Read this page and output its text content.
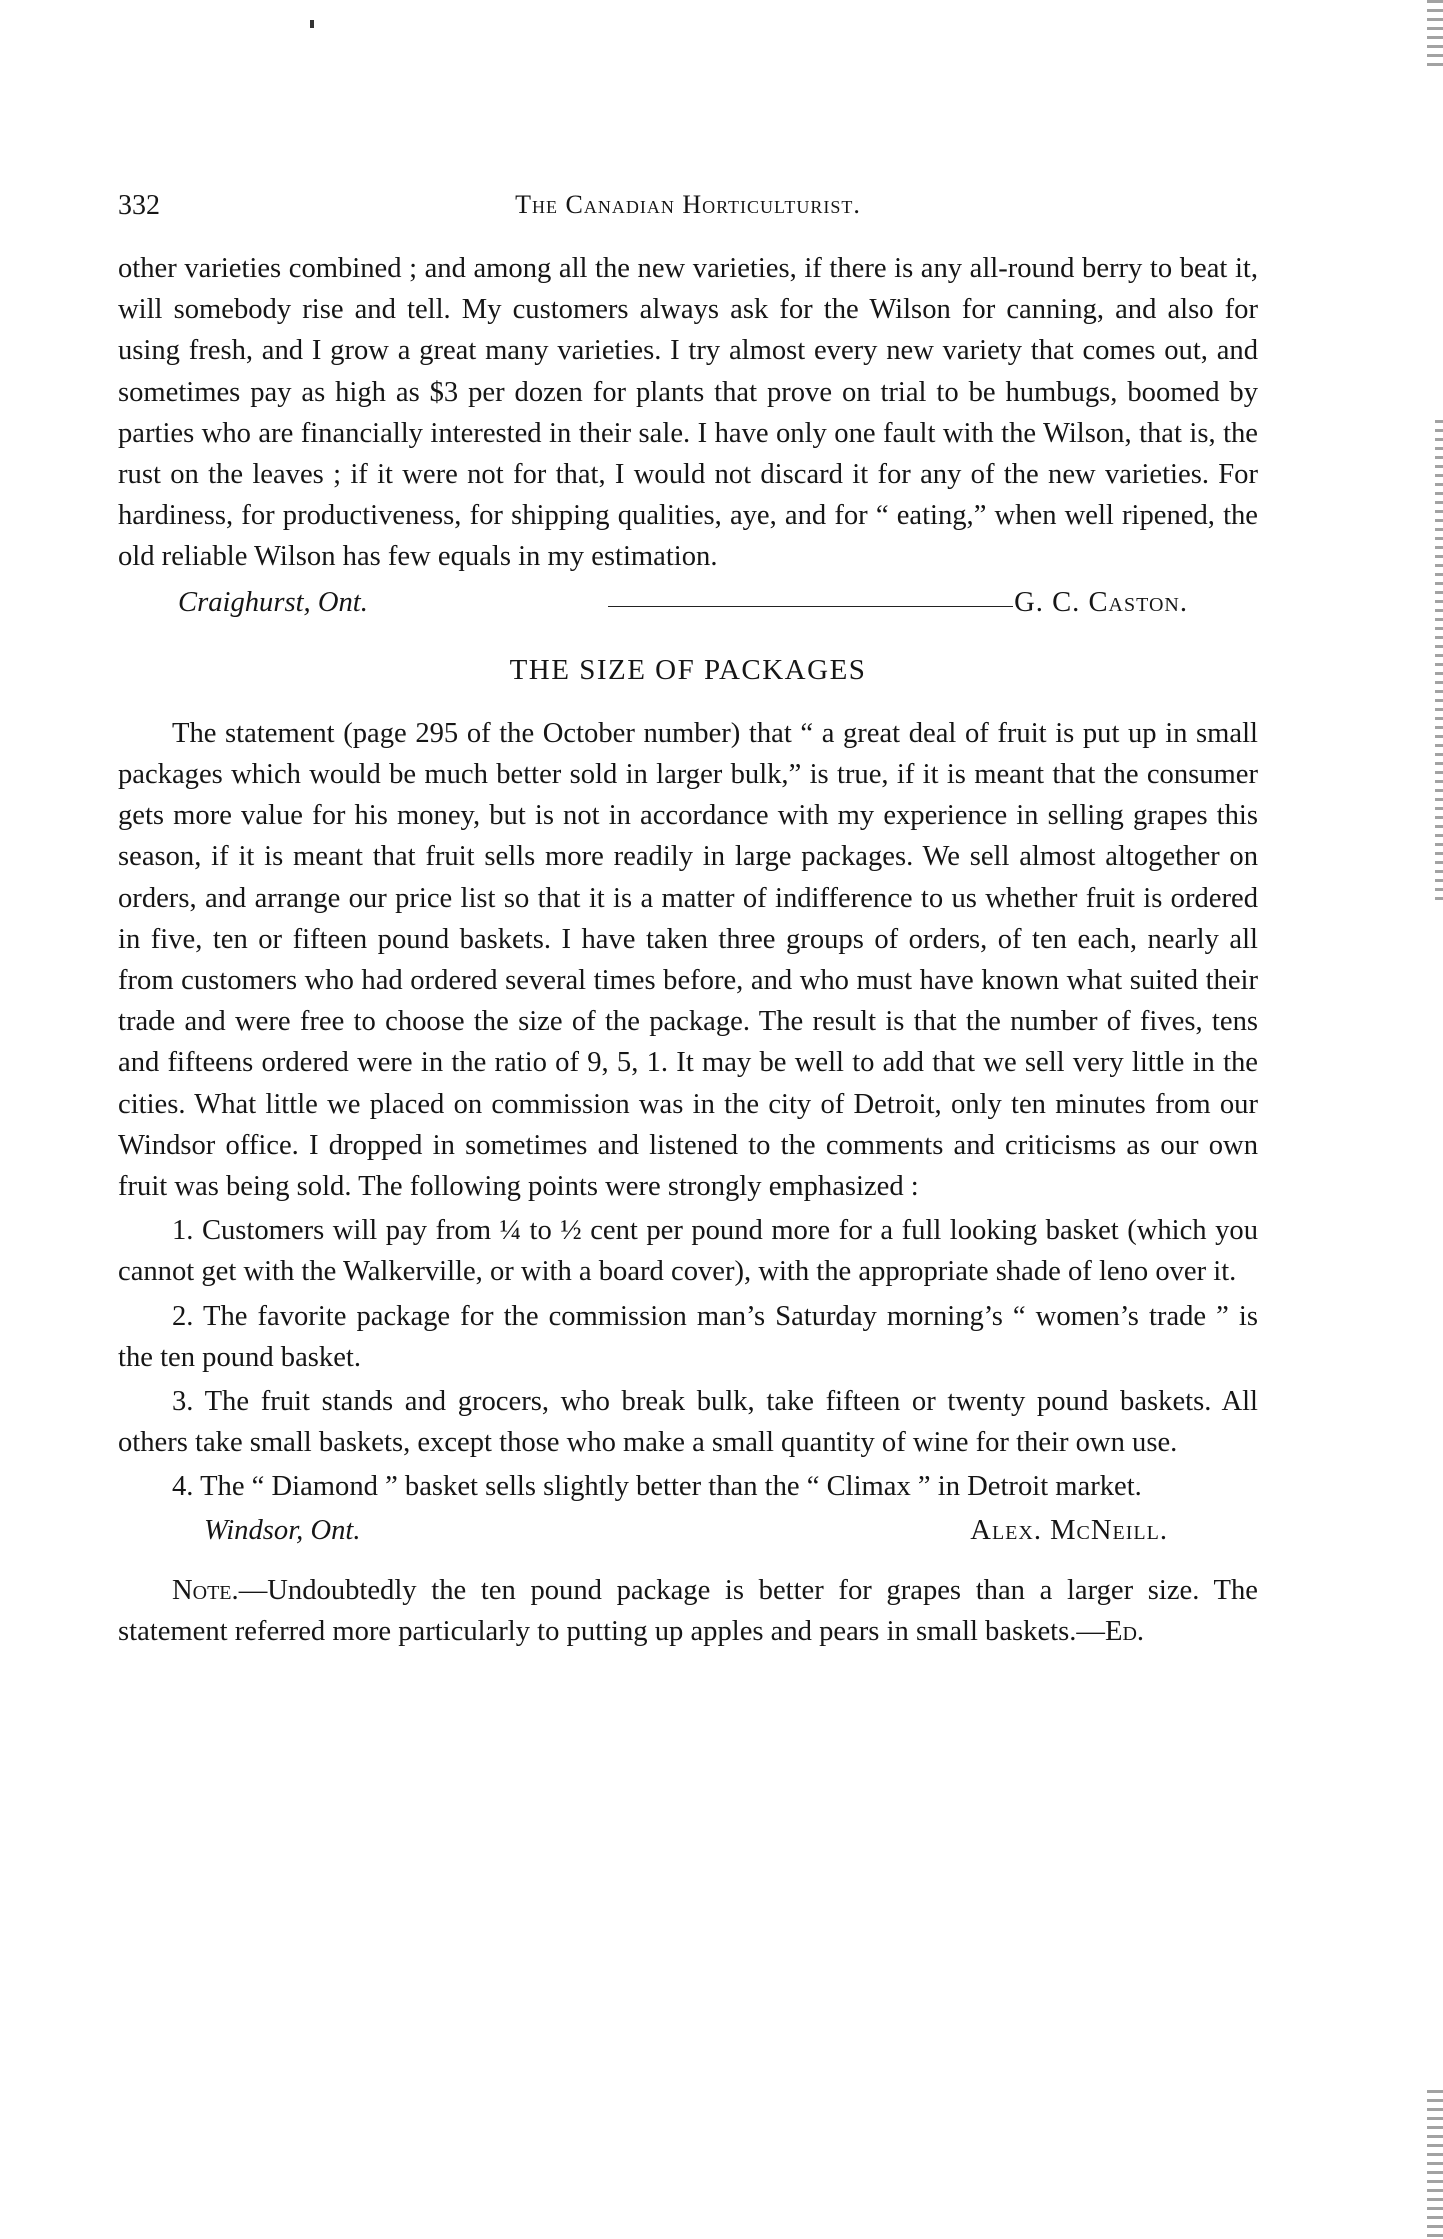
332	The Canadian Horticulturist.

other varieties combined ; and among all the new varieties, if there is any all-round berry to beat it, will somebody rise and tell. My customers always ask for the Wilson for canning, and also for using fresh, and I grow a great many varieties. I try almost every new variety that comes out, and sometimes pay as high as $3 per dozen for plants that prove on trial to be humbugs, boomed by parties who are financially interested in their sale. I have only one fault with the Wilson, that is, the rust on the leaves ; if it were not for that, I would not discard it for any of the new varieties. For hardiness, for productiveness, for shipping qualities, aye, and for “ eating,” when well ripened, the old reliable Wilson has few equals in my estimation.

Craighurst, Ont.	G. C. Caston.
THE SIZE OF PACKAGES

The statement (page 295 of the October number) that “ a great deal of fruit is put up in small packages which would be much better sold in larger bulk,” is true, if it is meant that the consumer gets more value for his money, but is not in accordance with my experience in selling grapes this season, if it is meant that fruit sells more readily in large packages. We sell almost altogether on orders, and arrange our price list so that it is a matter of indifference to us whether fruit is ordered in five, ten or fifteen pound baskets. I have taken three groups of orders, of ten each, nearly all from customers who had ordered several times before, and who must have known what suited their trade and were free to choose the size of the package. The result is that the number of fives, tens and fifteens ordered were in the ratio of 9, 5, 1. It may be well to add that we sell very little in the cities. What little we placed on commission was in the city of Detroit, only ten minutes from our Windsor office. I dropped in sometimes and listened to the comments and criticisms as our own fruit was being sold. The following points were strongly emphasized :

1. Customers will pay from ¼ to ½ cent per pound more for a full looking basket (which you cannot get with the Walkerville, or with a board cover), with the appropriate shade of leno over it.

2. The favorite package for the commission man’s Saturday morning’s “ women’s trade ” is the ten pound basket.

3. The fruit stands and grocers, who break bulk, take fifteen or twenty pound baskets. All others take small baskets, except those who make a small quantity of wine for their own use.

4. The “ Diamond ” basket sells slightly better than the “ Climax ” in Detroit market.

Windsor, Ont.	Alex. McNeill.

Note.—Undoubtedly the ten pound package is better for grapes than a larger size. The statement referred more particularly to putting up apples and pears in small baskets.—Ed.
